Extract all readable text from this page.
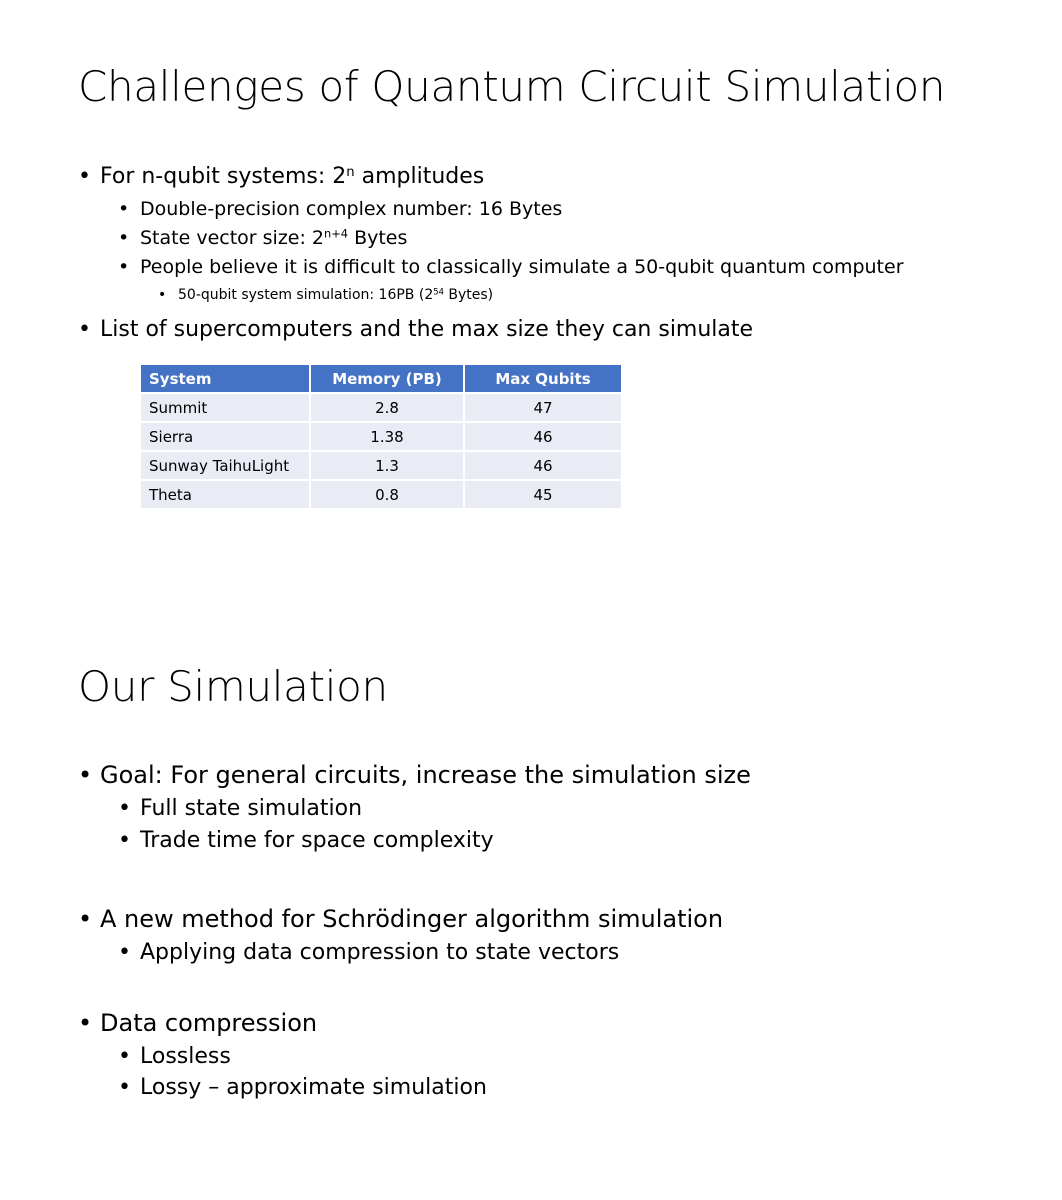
Challenges of Quantum Circuit Simulation
• For n-qubit systems: 2$^n$ amplitudes
• Double-precision complex number: 16 Bytes
• State vector size: $2^{n+4}$ Bytes
• People believe it is difficult to classically simulate a 50-qubit quantum computer
• 50-qubit system simulation: 16PB ($2^{54}$ Bytes)
• List of supercomputers and the max size they can simulate
System	Memory (PB)	Max Qubits
Summit	2.8	47
Sierra	1.38	46
Sunway TaihuLight	1.3	46
Theta	0.8	45
Our Simulation
• Goal: For general circuits, increase the simulation size
• Full state simulation
• Trade time for space complexity
• A new method for Schrödinger algorithm simulation
• Applying data compression to state vectors
• Data compression
• Lossless
• Lossy – approximate simulation
